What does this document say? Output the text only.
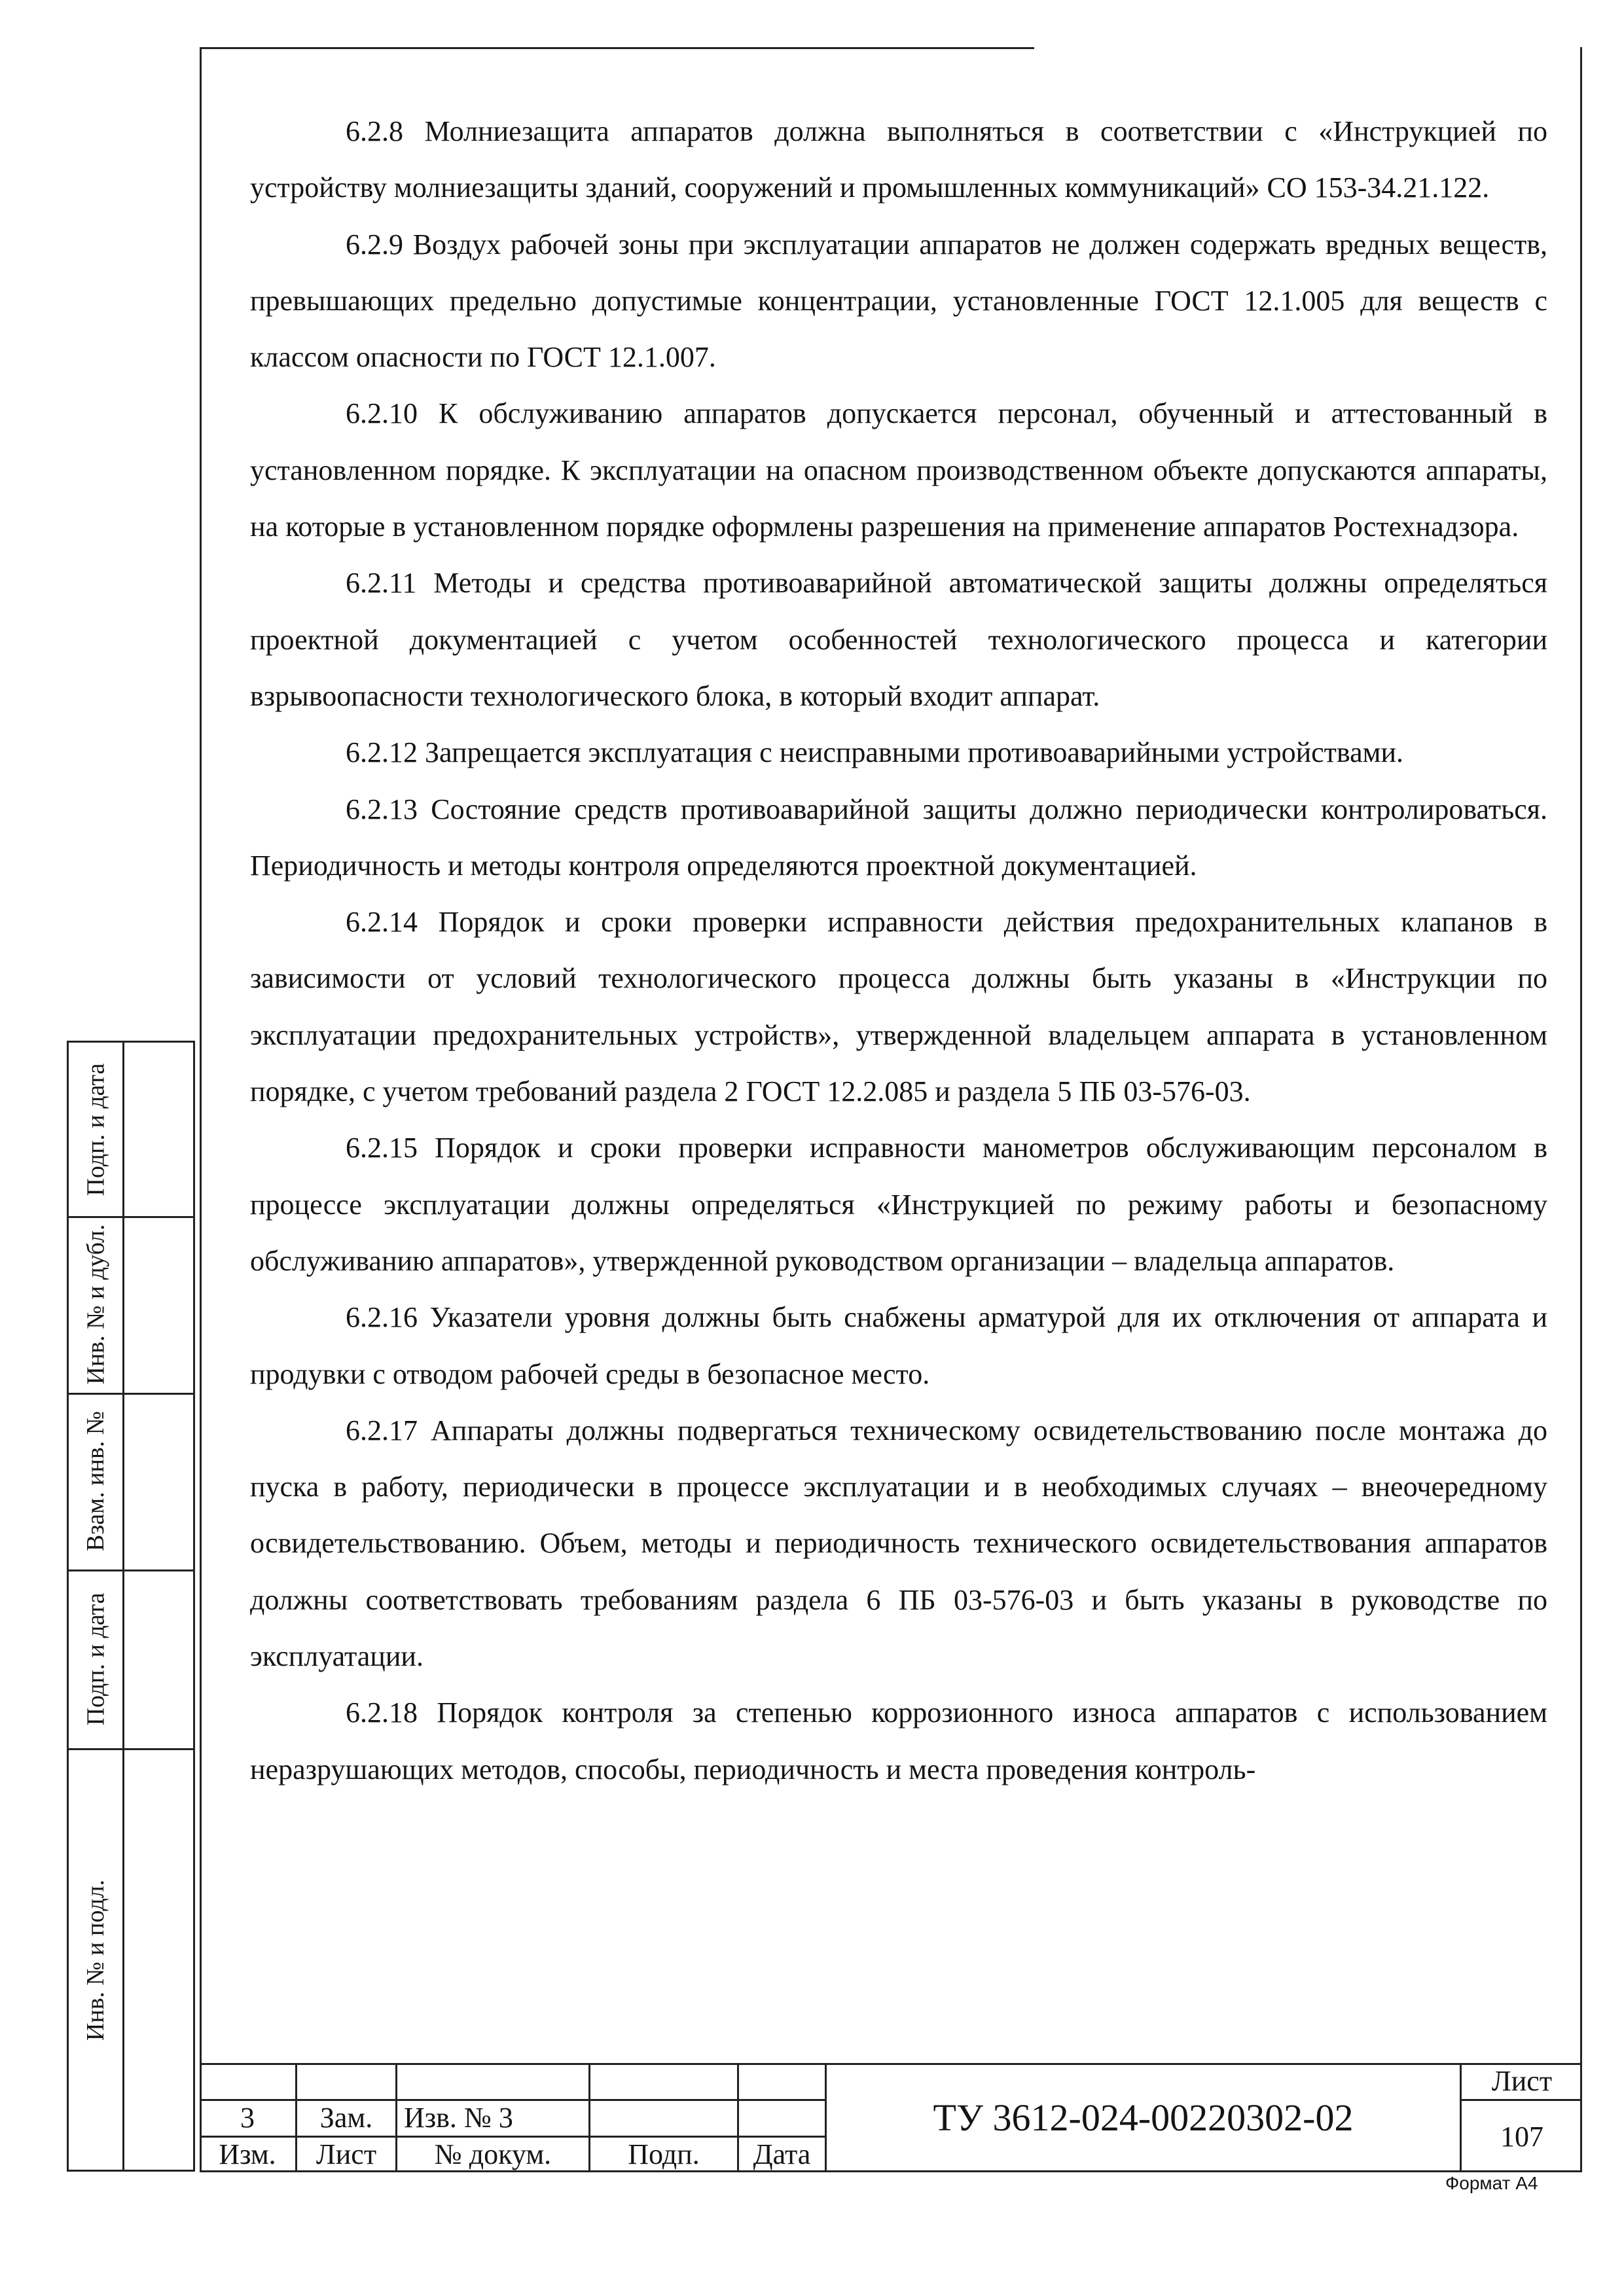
6.2.8 Молниезащита аппаратов должна выполняться в соответствии с «Инструкцией по устройству молниезащиты зданий, сооружений и промышленных коммуникаций» СО 153-34.21.122.

6.2.9 Воздух рабочей зоны при эксплуатации аппаратов не должен содержать вредных веществ, превышающих предельно допустимые концентрации, установленные ГОСТ 12.1.005 для веществ с классом опасности по ГОСТ 12.1.007.

6.2.10 К обслуживанию аппаратов допускается персонал, обученный и аттестованный в установленном порядке. К эксплуатации на опасном производственном объекте допускаются аппараты, на которые в установленном порядке оформлены разрешения на применение аппаратов Ростехнадзора.

6.2.11 Методы и средства противоаварийной автоматической защиты должны определяться проектной документацией с учетом особенностей технологического процесса и категории взрывоопасности технологического блока, в который входит аппарат.

6.2.12 Запрещается эксплуатация с неисправными противоаварийными устройствами.

6.2.13 Состояние средств противоаварийной защиты должно периодически контролироваться. Периодичность и методы контроля определяются проектной документацией.

6.2.14 Порядок и сроки проверки исправности действия предохранительных клапанов в зависимости от условий технологического процесса должны быть указаны в «Инструкции по эксплуатации предохранительных устройств», утвержденной владельцем аппарата в установленном порядке, с учетом требований раздела 2 ГОСТ 12.2.085 и раздела 5 ПБ 03-576-03.

6.2.15 Порядок и сроки проверки исправности манометров обслуживающим персоналом в процессе эксплуатации должны определяться «Инструкцией по режиму работы и безопасному обслуживанию аппаратов», утвержденной руководством организации – владельца аппаратов.

6.2.16 Указатели уровня должны быть снабжены арматурой для их отключения от аппарата и продувки с отводом рабочей среды в безопасное место.

6.2.17 Аппараты должны подвергаться техническому освидетельствованию после монтажа до пуска в работу, периодически в процессе эксплуатации и в необходимых случаях – внеочередному освидетельствованию. Объем, методы и периодичность технического освидетельствования аппаратов должны соответствовать требованиям раздела 6 ПБ 03-576-03 и быть указаны в руководстве по эксплуатации.

6.2.18 Порядок контроля за степенью коррозионного износа аппаратов с использованием неразрушающих методов, способы, периодичность и места проведения контроль-

Подп. и дата
Инв. № и дубл.
Взам. инв. №
Подп. и дата
Инв. № и подл.
3	Зам.	Изв. № 3
Изм.	Лист	№ докум.	Подп.	Дата
ТУ 3612-024-00220302-02
Лист
107
Формат А4
